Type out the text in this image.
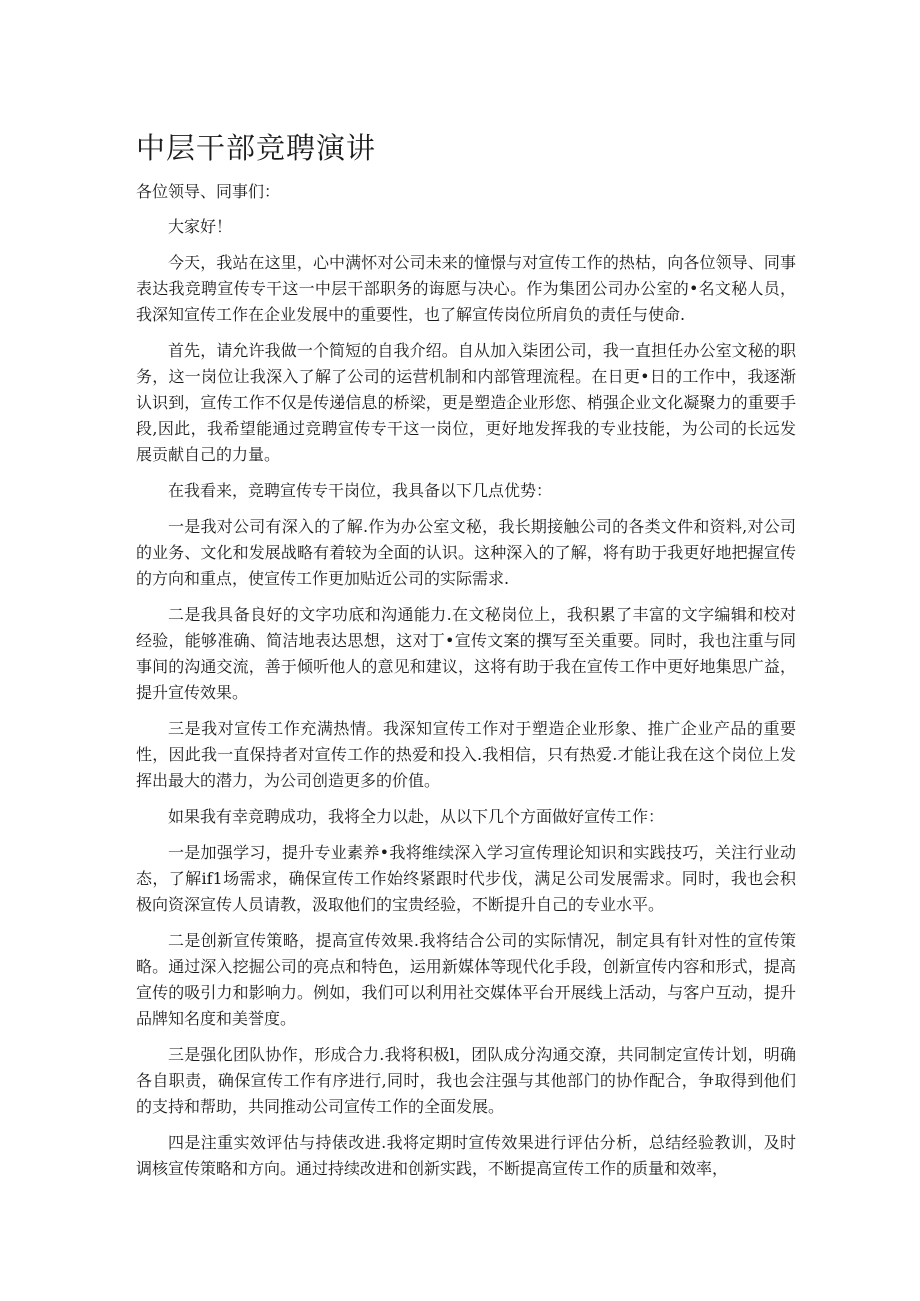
中层干部竞聘演讲

各位领导、同事们：

大家好！

今天，我站在这里，心中满怀对公司未来的憧憬与对宣传工作的热枯，向各位领导、同事表达我竞聘宣传专干这一中层干部职务的诲愿与决心。作为集团公司办公室的•名文秘人员，我深知宣传工作在企业发展中的重要性，也了解宣传岗位所肩负的责任与使命.

首先，请允许我做一个简短的自我介绍。自从加入柒团公司，我一直担任办公室文秘的职务，这一岗位让我深入了解了公司的运营机制和内部管理流程。在日更•日的工作中，我逐渐认识到，宣传工作不仅是传递信息的桥梁，更是塑造企业形您、梢强企业文化凝聚力的重要手段,因此，我希望能通过竞聘宣传专干这一岗位，更好地发挥我的专业技能，为公司的长远发展贡献自己的力量。

在我看来，竞聘宣传专干岗位，我具备以下几点优势：

一是我对公司有深入的了解.作为办公室文秘，我长期接触公司的各类文件和资料,对公司的业务、文化和发展战略有着较为全面的认识。这种深入的了解，将有助于我更好地把握宣传的方向和重点，使宣传工作更加贴近公司的实际需求.

二是我具备良好的文字功底和沟通能力.在文秘岗位上，我积累了丰富的文字编辑和校对经验，能够准确、简洁地表达思想，这对丁•宣传文案的撰写至关重要。同时，我也注重与同事间的沟通交流，善于倾听他人的意见和建议，这将有助于我在宣传工作中更好地集思广益，提升宣传效果。

三是我对宣传工作充满热情。我深知宣传工作对于塑造企业形象、推广企业产品的重要性，因此我一直保持者对宣传工作的热爱和投入.我相信，只有热爱.才能让我在这个岗位上发挥出最大的潜力，为公司创造更多的价值。

如果我有幸竞聘成功，我将全力以赴，从以下几个方面做好宣传工作：

一是加强学习，提升专业素养•我将维续深入学习宣传理论知识和实践技巧，关注行业动态，了解if1场需求，确保宣传工作始终紧跟时代步伐，满足公司发展需求。同时，我也会积极向资深宣传人员请教，汲取他们的宝贵经验，不断提升自己的专业水平。

二是创新宣传策略，提高宣传效果.我将结合公司的实际情况，制定具有针对性的宣传策略。通过深入挖掘公司的亮点和特色，运用新媒体等现代化手段，创新宣传内容和形式，提高宣传的吸引力和影响力。例如，我们可以利用社交媒体平台开展线上活动，与客户互动，提升品牌知名度和美誉度。

三是强化团队协作，形成合力.我将积极l，团队成分沟通交潦，共同制定宣传计划，明确各自职责，确保宣传工作有序进行,同时，我也会注强与其他部门的协作配合，争取得到他们的支持和帮助，共同推动公司宣传工作的全面发展。

四是注重实效评估与持俵改进.我将定期时宣传效果进行评估分析，总结经验教训，及时调核宣传策略和方向。通过持续改进和创新实践，不断提高宣传工作的质量和效率，
